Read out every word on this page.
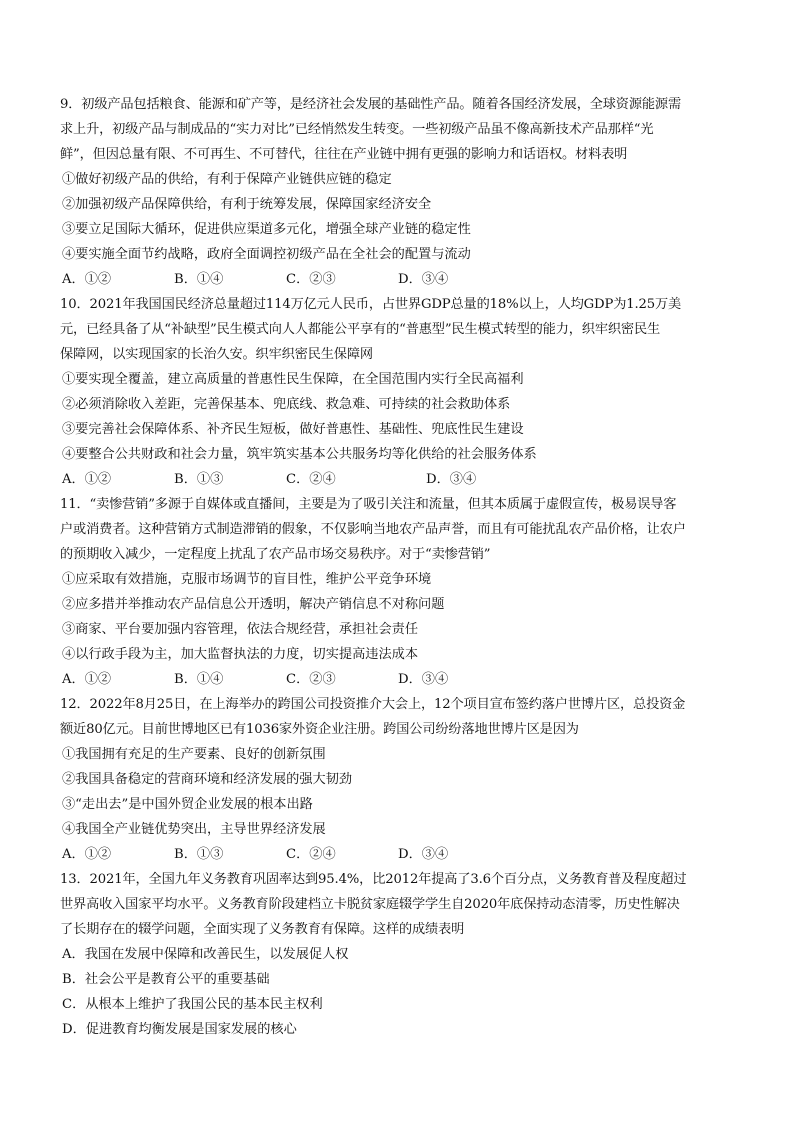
9．初级产品包括粮食、能源和矿产等，是经济社会发展的基础性产品。随着各国经济发展，全球资源能源需

求上升，初级产品与制成品的“实力对比”已经悄然发生转变。一些初级产品虽不像高新技术产品那样“光

鲜”，但因总量有限、不可再生、不可替代，往往在产业链中拥有更强的影响力和话语权。材料表明

①做好初级产品的供给，有利于保障产业链供应链的稳定

②加强初级产品保障供给，有利于统筹发展，保障国家经济安全

③要立足国际大循环，促进供应渠道多元化，增强全球产业链的稳定性

④要实施全面节约战略，政府全面调控初级产品在全社会的配置与流动

A．①②	B．①④	C．②③	D．③④

10．2021年我国国民经济总量超过114万亿元人民币，占世界GDP总量的18%以上，人均GDP为1.25万美

元，已经具备了从“补缺型”民生模式向人人都能公平享有的“普惠型”民生模式转型的能力，织牢织密民生

保障网，以实现国家的长治久安。织牢织密民生保障网

①要实现全覆盖，建立高质量的普惠性民生保障，在全国范围内实行全民高福利

②必须消除收入差距，完善保基本、兜底线、救急难、可持续的社会救助体系

③要完善社会保障体系、补齐民生短板，做好普惠性、基础性、兜底性民生建设

④要整合公共财政和社会力量，筑牢筑实基本公共服务均等化供给的社会服务体系

A．①②	B．①③	C．②④	D．③④

11．“卖惨营销”多源于自媒体或直播间，主要是为了吸引关注和流量，但其本质属于虚假宣传，极易误导客

户或消费者。这种营销方式制造滞销的假象，不仅影响当地农产品声誉，而且有可能扰乱农产品价格，让农户

的预期收入减少，一定程度上扰乱了农产品市场交易秩序。对于“卖惨营销”

①应采取有效措施，克服市场调节的盲目性，维护公平竞争环境

②应多措并举推动农产品信息公开透明，解决产销信息不对称问题

③商家、平台要加强内容管理，依法合规经营，承担社会责任

④以行政手段为主，加大监督执法的力度，切实提高违法成本

A．①②	B．①④	C．②③	D．③④

12．2022年8月25日，在上海举办的跨国公司投资推介大会上，12个项目宣布签约落户世博片区，总投资金

额近80亿元。目前世博地区已有1036家外资企业注册。跨国公司纷纷落地世博片区是因为

①我国拥有充足的生产要素、良好的创新氛围

②我国具备稳定的营商环境和经济发展的强大韧劲

③“走出去”是中国外贸企业发展的根本出路

④我国全产业链优势突出，主导世界经济发展

A．①②	B．①③	C．②④	D．③④

13．2021年，全国九年义务教育巩固率达到95.4%，比2012年提高了3.6个百分点，义务教育普及程度超过

世界高收入国家平均水平。义务教育阶段建档立卡脱贫家庭辍学学生自2020年底保持动态清零，历史性解决

了长期存在的辍学问题，全面实现了义务教育有保障。这样的成绩表明

A．我国在发展中保障和改善民生，以发展促人权

B．社会公平是教育公平的重要基础

C．从根本上维护了我国公民的基本民主权利

D．促进教育均衡发展是国家发展的核心
